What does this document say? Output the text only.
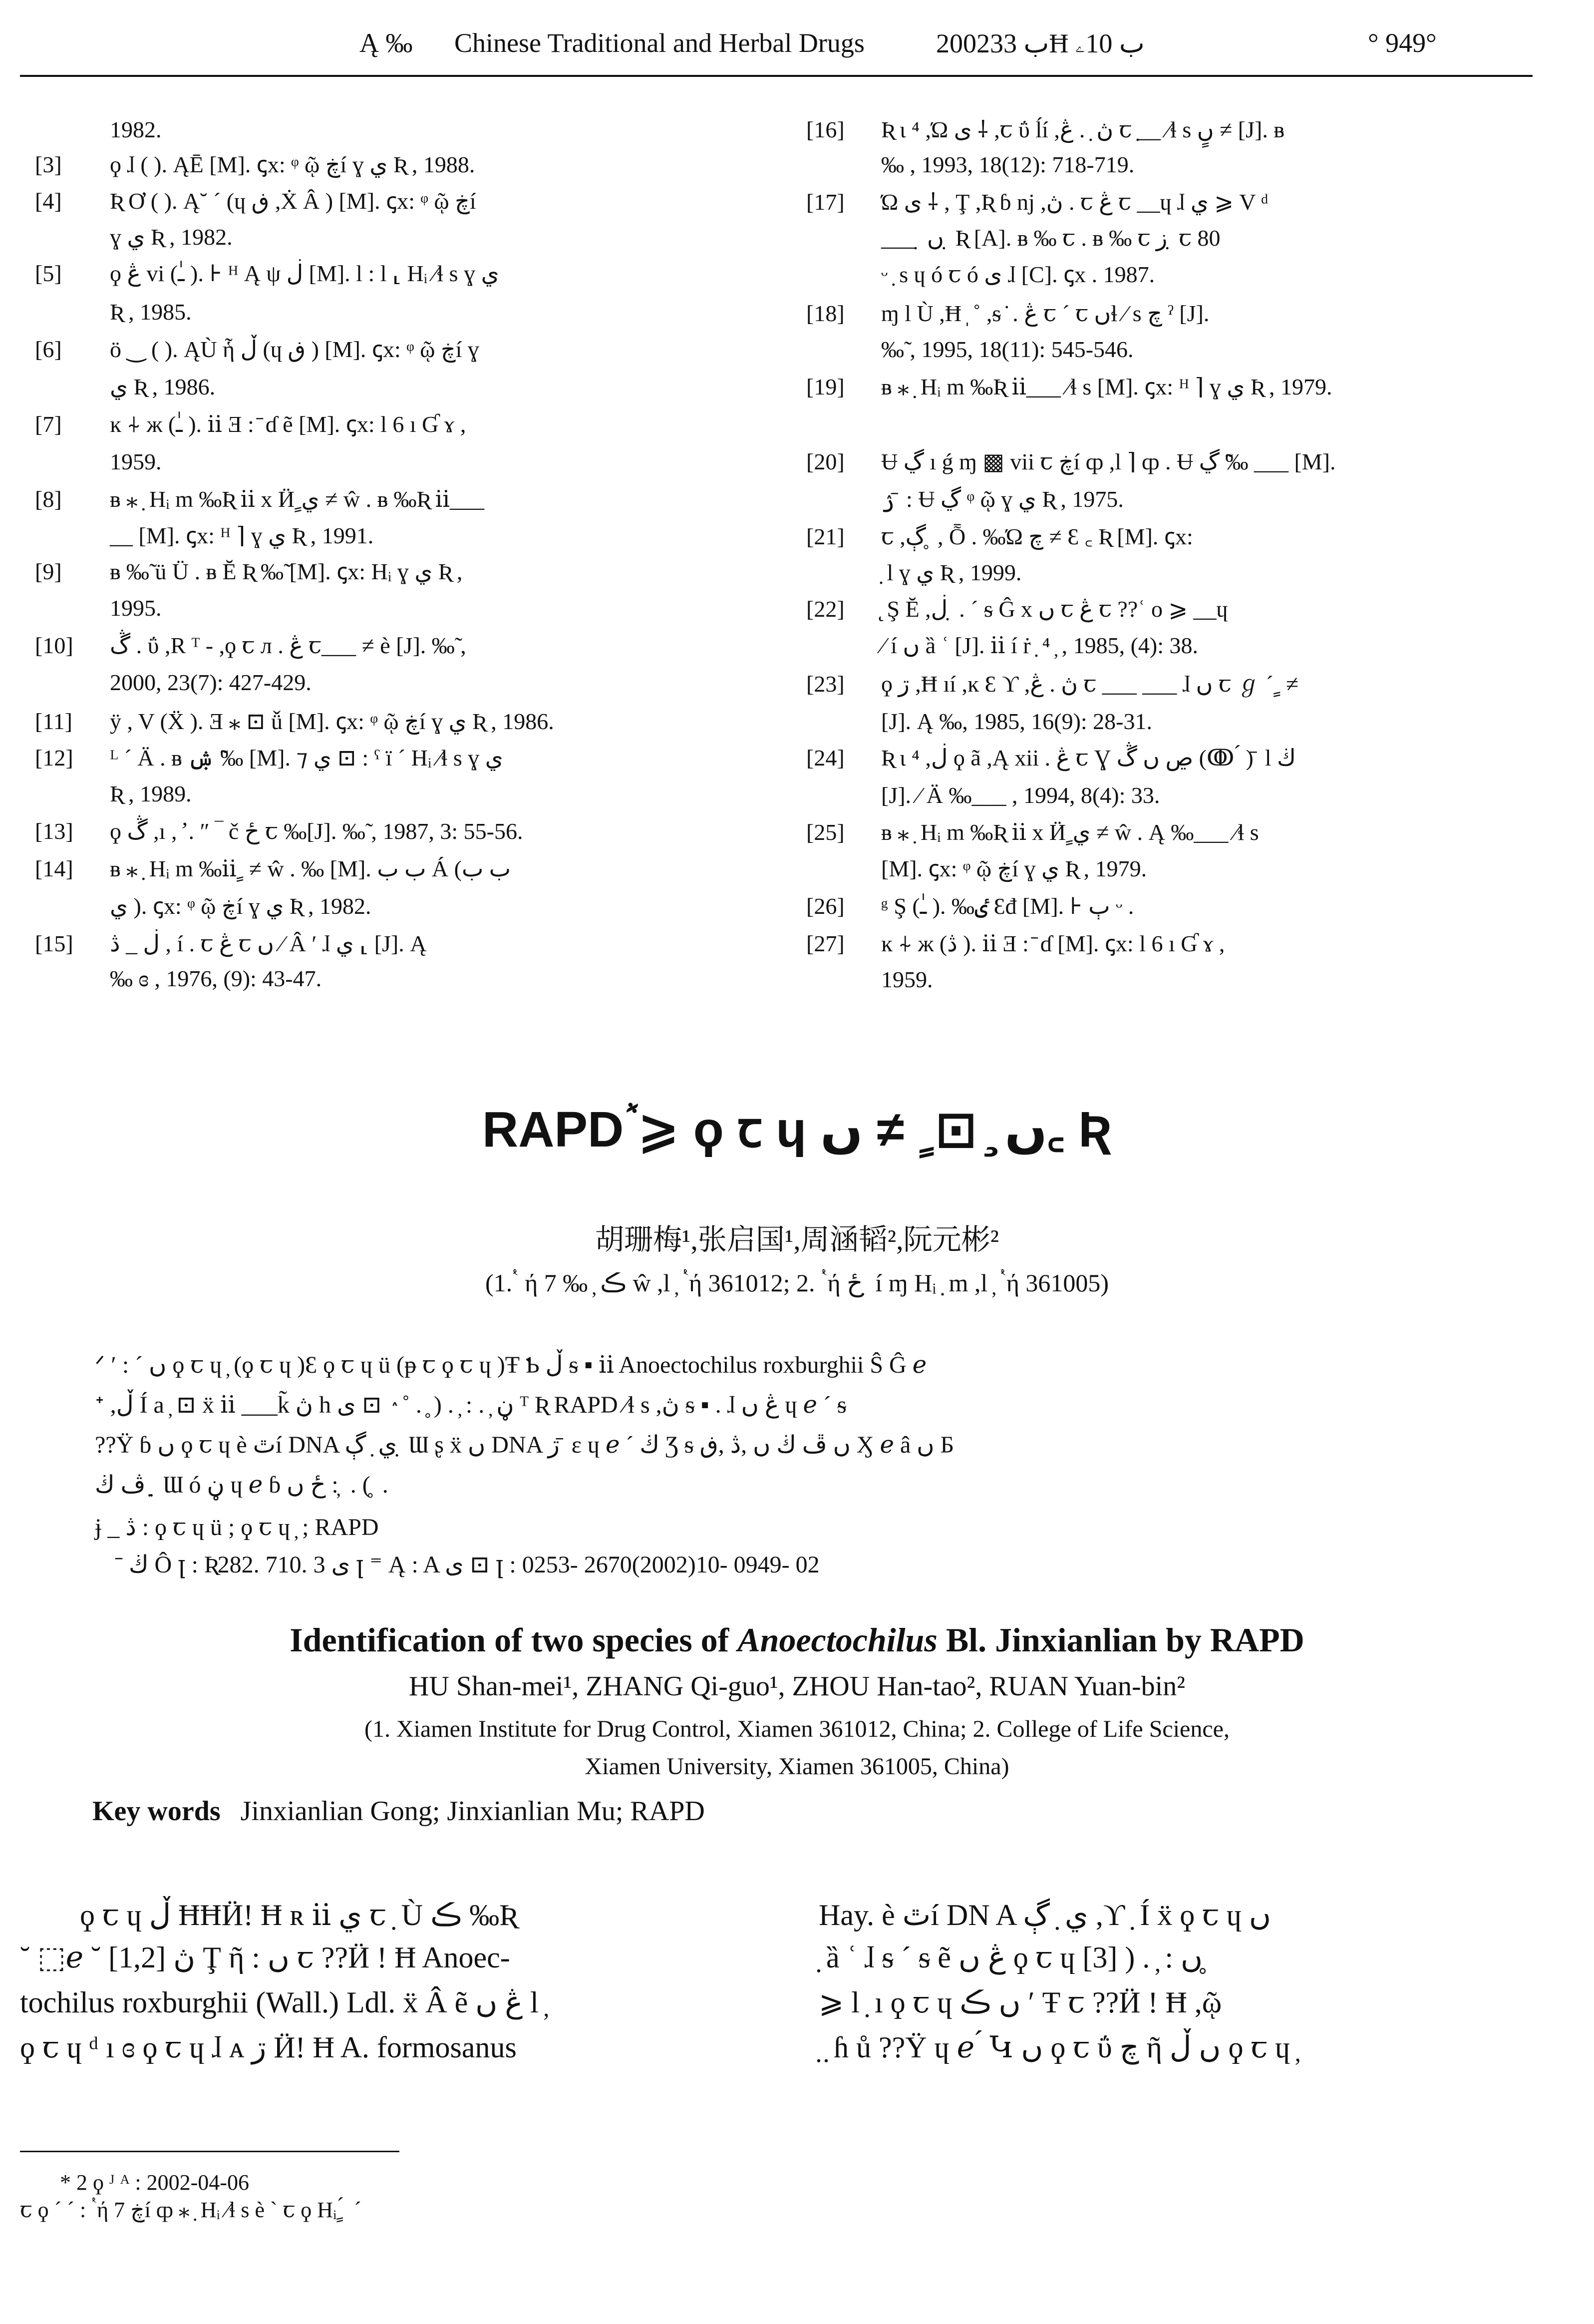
Ą ‰ Chinese Traditional and Herbal Drugs	2002ب 33Ħ ب 10ۦ	° 949°
1982.
[3] ϙ ɺ ( ). ĄĒ [M]. ꞔx: ᵠ ῷ ڿí ɣ ي Ʀ , 1988.
[4] Ʀ Ơ ( ). Ą˘ ´ (ɥ ڧ ,Ẋ Â ) [M]. ꞔx: ᵠ ῷ ڿí
ɣ ي Ʀ , 1982.
[5] ϙ ڠ vi (ـٰ ). ⊦ ᴴ Ą ψ ڶ [M]. l : l ⸤ Hᵢ ⁄ɬ s ɣ ي
Ʀ , 1985.
[6] ö ‿ ( ). ĄÙ ἧ ڵ (ɥ ڧ ) [M]. ꞔx: ᵠ ῷ ڿí ɣ
ي Ʀ , 1986.
[7] ĸ ⍭ ж (ـٰ ). ⅱ Ǝ : ̄ ɗ ẽ [M]. ꞔx: l 6 ı Ɠ ɤ ,
1959.
[8] ᴃ ⁎ ̣ Hᵢ m ‰Ʀ ⅱ x Ӥ ٍي ≠ ŵ . ᴃ ‰Ʀ ⅱ___
__ [M]. ꞔx: ᴴ ⌉ ɣ ي Ʀ , 1991.
[9] ᴃ ‰̃ ü Ü . ᴃ Ĕ Ʀ ‰̃ [M]. ꞔx: Hᵢ ɣ ي Ʀ ,
1995.
[10] ڴ . ΰ ,R ᵀ - ,ϙ ꞇ л . ڠ ꞇ___ ≠ è [J]. ‰̃ ,
2000, 23(7): 427-429.
[11] ÿ , V (Ẍ ). Ǝ ⁎ ⊡ ǚ [M]. ꞔx: ᵠ ῷ ڿí ɣ ي Ʀ , 1986.
[12] ᴸ ˊ Ä . ᴃ ۺ ‰̃ [M]. ⁊ ي ⊡ : ˤ ï ´ Hᵢ ⁄ɬ s ɣ ي
Ʀ , 1989.
[13] ϙ ڴ ,ı , ̛ . ″ ‾ č ځ ꞇ ‰[J]. ‰̃ , 1987, 3: 55-56.
[14] ᴃ ⁎ ̣ Hᵢ m ‰ⅱ ٍ ≠ ŵ . ‰ [M]. ب ب Á (ب ب
ي ). ꞔx: ᵠ ῷ ڿí ɣ ي Ʀ , 1982.
[15] ڶ _ ڎ , í . ꞇ ڠ ꞇ ں ⁄ Â ʹ ɺ ي ⸤ [J]. Ą
‰ ɞ , 1976, (9): 43-47.
[16] Ʀ ι ⁴ ,Ώ ی ⸸ ,ꞇ ΰ ĺí ,ڽ ̣ . ڠ ꞇ ̣__ ⁄ɬ s ںٍ ≠ [J]. ᴃ
‰ , 1993, 18(12): 718-719.
[17] Ώ ی ⸸ , Ţ ,Ʀ ɓ nj ,ڽ . ꞇ ڠ ꞇ __ɥ ɺ ي ⩾ V ᵈ
___ ̣ ں ̣ Ʀ [A]. ᴃ ‰ ꞇ . ᴃ ‰ ꞇ ز ̣ ꞇ 80
ᵕ ̣ s ɥ ó ꞇ ó ی ɺ [C]. ꞔx . 1987.
[18] ɱ l Ù ,Ħ ̩ ˚ ,ᵴ ̇ . ڠ ꞇ ˊ ꞇ ںɬ ⁄ s چ ˀ [J].
‰̃ , 1995, 18(11): 545-546.
[19] ᴃ ⁎ ̣ Hᵢ m ‰Ʀ ⅱ___ ⁄ɬ s [M]. ꞔx: ᴴ ⌉ ɣ ي Ʀ , 1979.
[20] Ʉ ڲ ı ǵ ɱ ▩ vii ꞇ ڿí ȹ ,l ⌉ ȹ . Ʉ ڲ ‰̃ ___ [M].
ۯ ̄ : Ʉ ڲ ᵠ ῷ ɣ ي Ʀ , 1975.
[21] ꞇ ,ڳ ̥ , Ȭ . ‰Ώ چ ≠ Ɛ ꜀ Ʀ [M]. ꞔx:
̣ l ɣ ي Ʀ , 1999.
[22] ̨ Ş Ĕ ,ڶ ̣ . ˊ ᵴ Ĝ x ں ꞇ ڠ ꞇ ??ʿ o ⩾ __ɥ
⁄ í ں ȁ ʿ [J]. ⅱ í ṙ ̣ ⁴ ̦ , 1985, (4): 38.
[23] ϙ ڗ ,Ħ ıí ,ĸ Ɛ ϒ ,ڽ . ڠ ꞇ ___ ___ ɺ ں ꞇ ℊ ´ ٍ ≠
[J]. Ą ‰, 1985, 16(9): 28-31.
[24] Ʀ ι ⁴ ,ڶ ϙ ã ,Ą xii . ڠ ꞇ Ɣ ڝ ں ڴ (ↂ ́ ) ̄ l ڬ
[J]. ⁄ Ä ‰___ , 1994, 8(4): 33.
[25] ᴃ ⁎ ̣ Hᵢ m ‰Ʀ ⅱ x Ӥ ٍي ≠ ŵ . Ą ‰___ ⁄ɬ s
[M]. ꞔx: ᵠ ῷ ڿí ɣ ي Ʀ , 1979.
[26] ᵍ Ş (ـٰ ). ‰ٸ Ɛđ [M]. ⊦ ٻ ᵕ .
[27] ĸ ⍭ ж (ڎ ). ⅱ Ǝ : ̄ ɗ [M]. ꞔx: l 6 ı Ɠ ɤ ,
1959.
RAPDٞ ⩾ ϙ ꞇ ɥ ں ̧ ⊡ ٍ ≠ ں꜀ Ʀ
胡珊梅¹,张启国¹,周涵韬²,阮元彬²
(1. ٝ ή 7 ‰ ̦ ڪ ŵ ,l ̦ ٝ ή 361012; 2. ٝ ή ځ ̣ í ɱ Hᵢ ̣ m ,l ̦ ٝ ή 361005)
ᐟ ʹ : ˊ ں ϙ ꞇ ɥ ̦ (ϙ ꞇ ɥ )Ɛ ϙ ꞇ ɥ ü (ᵽ ꞇ ϙ ꞇ ɥ )Ŧ Ƅ ڵ ᵴ ▪ ⅱ Anoectochilus roxburghii Ŝ Ĝ ℯ
ᐩ ,ڵ Í a ̦ ⊡ ẍ ⅱ ___k̃ ڽ h ڼ ̦ . : ̦ . ( ̥ . ˚ ٛ ⊡ ی ᵀ Ʀ RAPD ⁄ɬ s ,ڽ ᵴ ▪ . ɺ ڠ ں ɥ ℯ ´ ᵴ
??Ÿ ɓ ں ϙ ꞇ ɥ è ٿí DNA ي ̣ ڳ ̣ Ɯ ʂ ẍ ں DNA ڗ ̄ ɛ ɥ ℯ ˊ ڬ Ʒ ᵴ ں ڦ ڬ ں ,ڎ ,ڧ Ӽ ℯ â ں Ƃ
ڤ ڬ ٜ ̣ Ɯ ó ڼ ɥ ℯ ɓ ځ ں : ̦ . ( ̥ .
ɉ _ ڎ : ϙ ꞇ ɥ ü ; ϙ ꞇ ɥ ̦ ; RAPD
ˉ ڬ Ô ꞁ : Ʀ282. 710. 3 ی ꞁ ⁼ Ą : A ی ⊡ ꞁ : 0253- 2670(2002)10- 0949- 02
Identification of two species of Anoectochilus Bl. Jinxianlian by RAPD
HU Shan-mei¹, ZHANG Qi-guo¹, ZHOU Han-tao², RUAN Yuan-bin²
(1. Xiamen Institute for Drug Control, Xiamen 361012, China; 2. College of Life Science,
Xiamen University, Xiamen 361005, China)
Key words Jinxianlian Gong; Jinxianlian Mu; RAPD
ϙ ꞇ ɥ ڵ ĦĦӤ! Ħ ʀ ⅱ ي ꞇ ̣ Ù ڪ ‰Ʀ
˘ ⬚ℯ ˘ ڽ [1,2] Ţ ῆ : ں ꞇ ??Ӥ ! Ħ Anoec-
tochilus roxburghii (Wall.) Ldl. ẍ Â ẽ ڠ ں l ̦
ϙ ꞇ ɥ ᵈ ı ɞ ϙ ꞇ ɥ ɺ ᴀ ڗ Ӥ! Ħ A. formosanus
Hay. è ٿí DN A ي ̣ ڳ ,ϒ ̣ Í ẍ ϙ ꞇ ɥ ں
̣ ȁ ʿ ɺ ᵴ ˊ ᵴ ẽ ڠ ں ϙ ꞇ ɥ ں : ̦ . ( [3] ̥
⩾ l ̣ ı ϙ ꞇ ɥ ں ڪ ʹ Ŧ ꞇ ??Ӥ ! Ħ ,ῷ
̣ ̣ ɦ ů ??Ÿ ɥ ℯ ́ Կ ں ϙ ꞇ ΰ چ ῆ ں ڵ ϙ ꞇ ɥ ̦
* 2 ϙ ᴶ ᴬ : 2002-04-06
ꞇ ϙ ´ ´ : ٝ ή 7 ڿí ȹ ⁎ ̣ Hᵢ ⁄ɬ s è ` ꞇ ϙ Hᵢ ٍ ́ ´
